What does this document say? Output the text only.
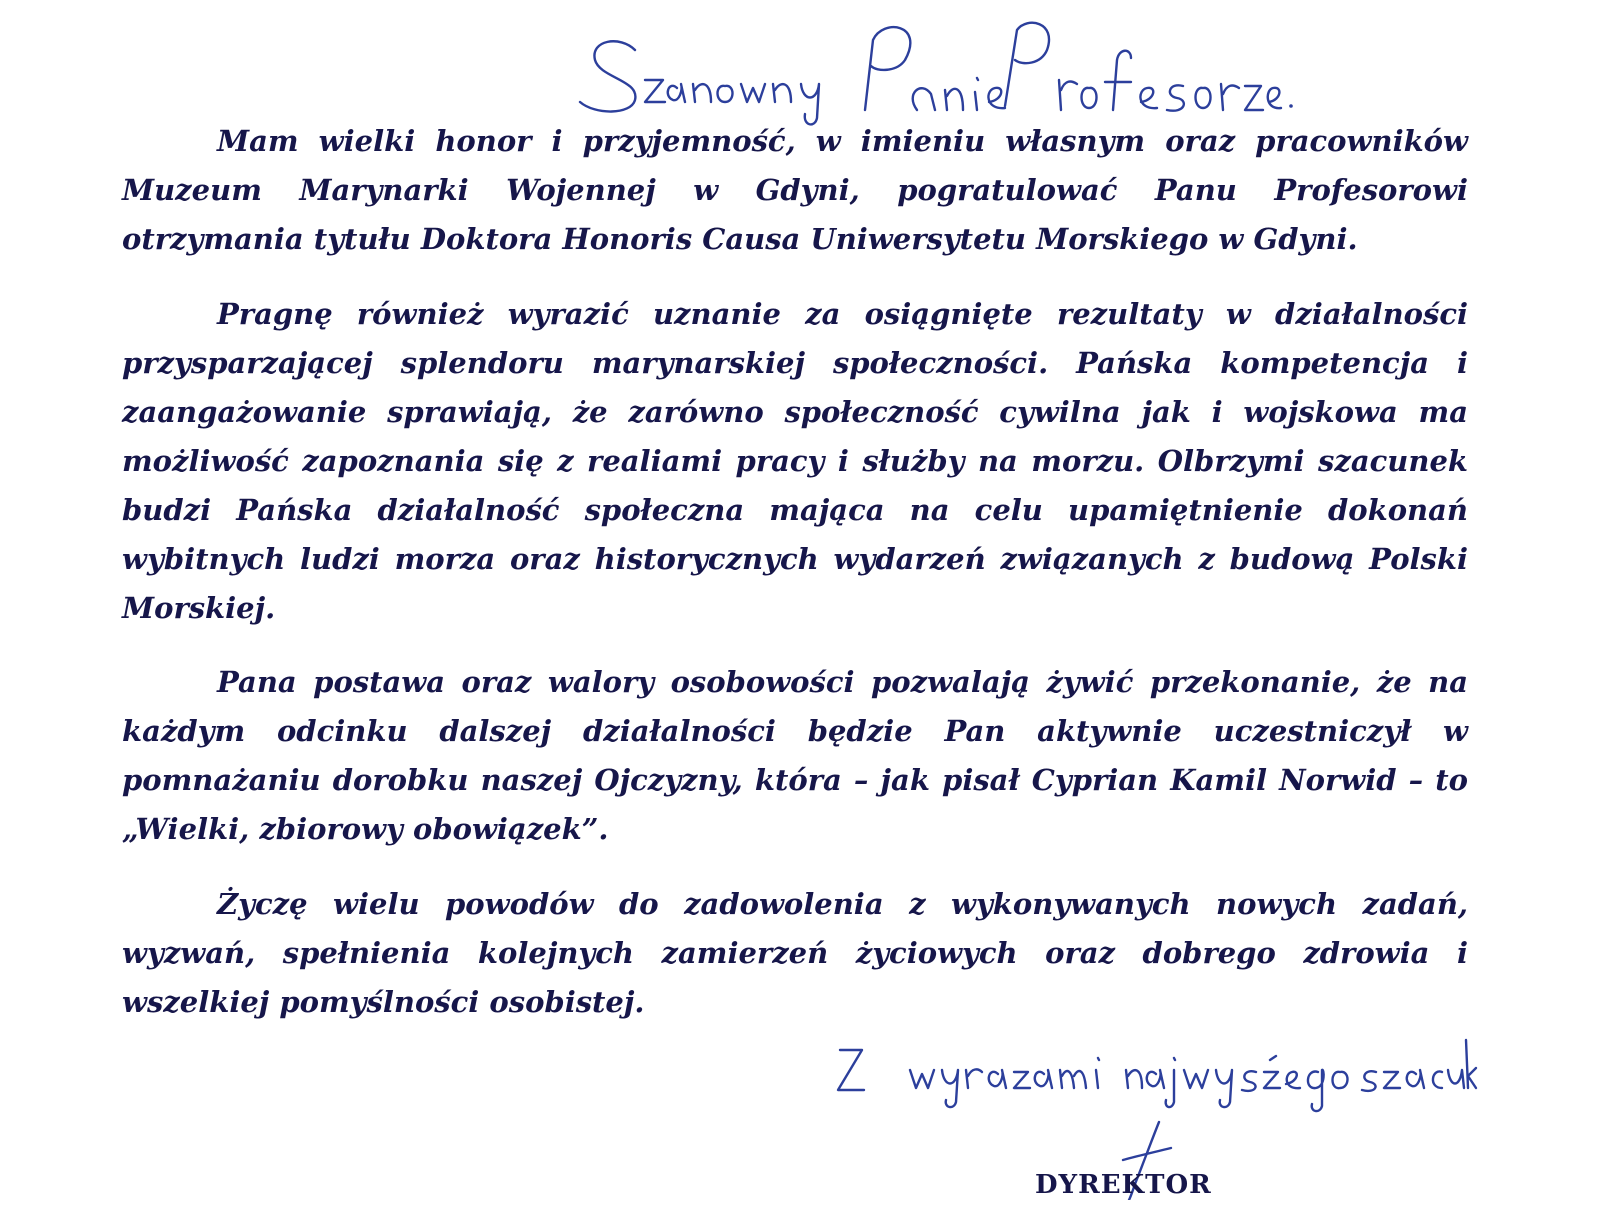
Mam wielki honor i przyjemność, w imieniu własnym oraz pracowników Muzeum Marynarki Wojennej w Gdyni, pogratulować Panu Profesorowi otrzymania tytułu Doktora Honoris Causa Uniwersytetu Morskiego w Gdyni.

Pragnę również wyrazić uznanie za osiągnięte rezultaty w działalności przysparzającej splendoru marynarskiej społeczności. Pańska kompetencja i zaangażowanie sprawiają, że zarówno społeczność cywilna jak i wojskowa ma możliwość zapoznania się z realiami pracy i służby na morzu. Olbrzymi szacunek budzi Pańska działalność społeczna mająca na celu upamiętnienie dokonań wybitnych ludzi morza oraz historycznych wydarzeń związanych z budową Polski Morskiej.

Pana postawa oraz walory osobowości pozwalają żywić przekonanie, że na każdym odcinku dalszej działalności będzie Pan aktywnie uczestniczył w pomnażaniu dorobku naszej Ojczyzny, która – jak pisał Cyprian Kamil Norwid – to „Wielki, zbiorowy obowiązek”.

Życzę wielu powodów do zadowolenia z wykonywanych nowych zadań, wyzwań, spełnienia kolejnych zamierzeń życiowych oraz dobrego zdrowia i wszelkiej pomyślności osobistej.

DYREKTOR
